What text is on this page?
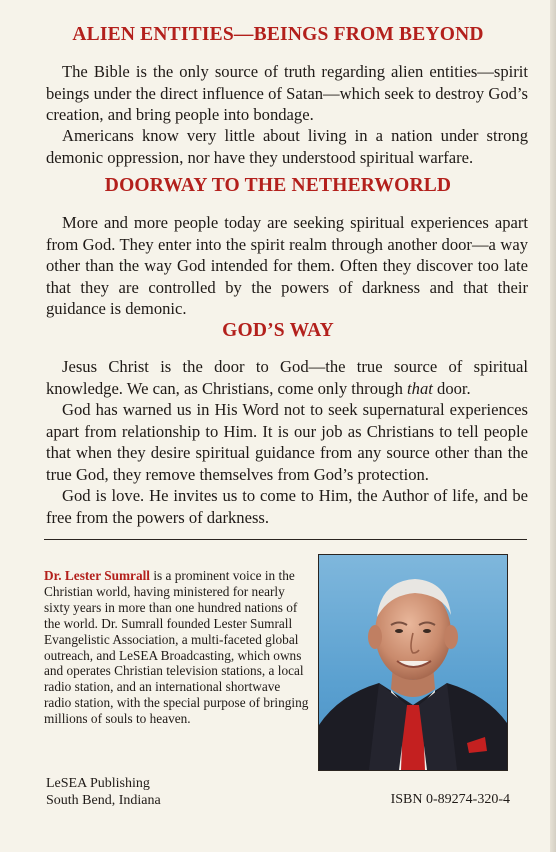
ALIEN ENTITIES—BEINGS FROM BEYOND

The Bible is the only source of truth regarding alien entities—spirit beings under the direct influence of Satan—which seek to destroy God’s creation, and bring people into bondage.

Americans know very little about living in a nation under strong demonic oppression, nor have they understood spiritual warfare.

DOORWAY TO THE NETHERWORLD

More and more people today are seeking spiritual experiences apart from God. They enter into the spirit realm through another door—a way other than the way God intended for them. Often they discover too late that they are controlled by the powers of darkness and that their guidance is demonic.

GOD’S WAY

Jesus Christ is the door to God—the true source of spiritual knowledge. We can, as Christians, come only through that door.

God has warned us in His Word not to seek supernatural experiences apart from relationship to Him. It is our job as Christians to tell people that when they desire spiritual guidance from any source other than the true God, they remove themselves from God’s protection.

God is love. He invites us to come to Him, the Author of life, and be free from the powers of darkness.

Dr. Lester Sumrall is a prominent voice in the Christian world, having ministered for nearly sixty years in more than one hundred nations of the world. Dr. Sumrall founded Lester Sumrall Evangelistic Association, a multi-faceted global outreach, and LeSEA Broadcasting, which owns and operates Christian television stations, a local radio station, and an international shortwave radio station, with the special purpose of bringing millions of souls to heaven.

LeSEA Publishing
South Bend, Indiana	ISBN 0-89274-320-4
